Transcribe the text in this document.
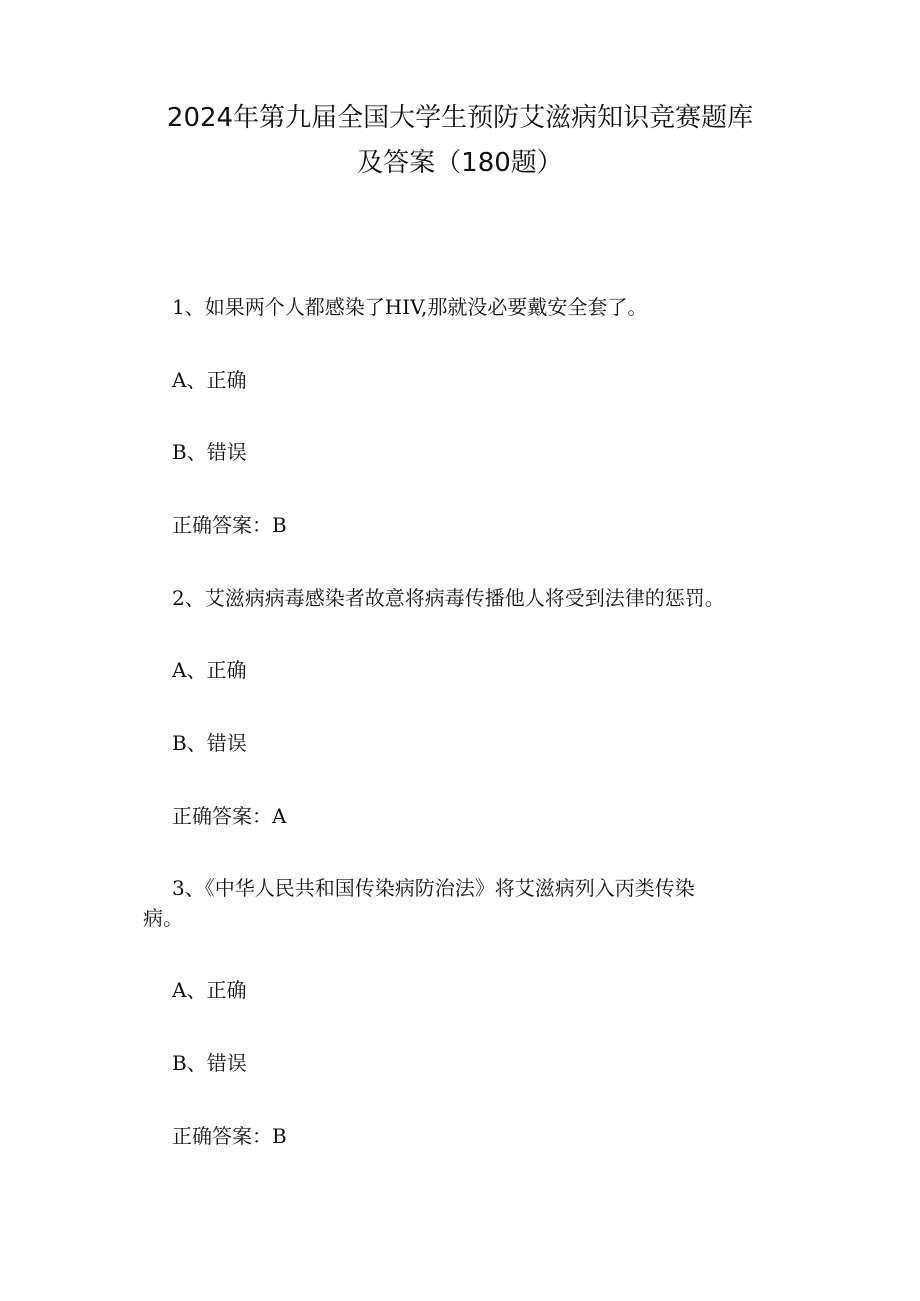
2024年第九届全国大学生预防艾滋病知识竞赛题库
及答案（180题）
1、如果两个人都感染了HIV,那就没必要戴安全套了。
A、正确
B、错误
正确答案：B
2、艾滋病病毒感染者故意将病毒传播他人将受到法律的惩罚。
A、正确
B、错误
正确答案：A
3、《中华人民共和国传染病防治法》将艾滋病列入丙类传染
病。
A、正确
B、错误
正确答案：B
